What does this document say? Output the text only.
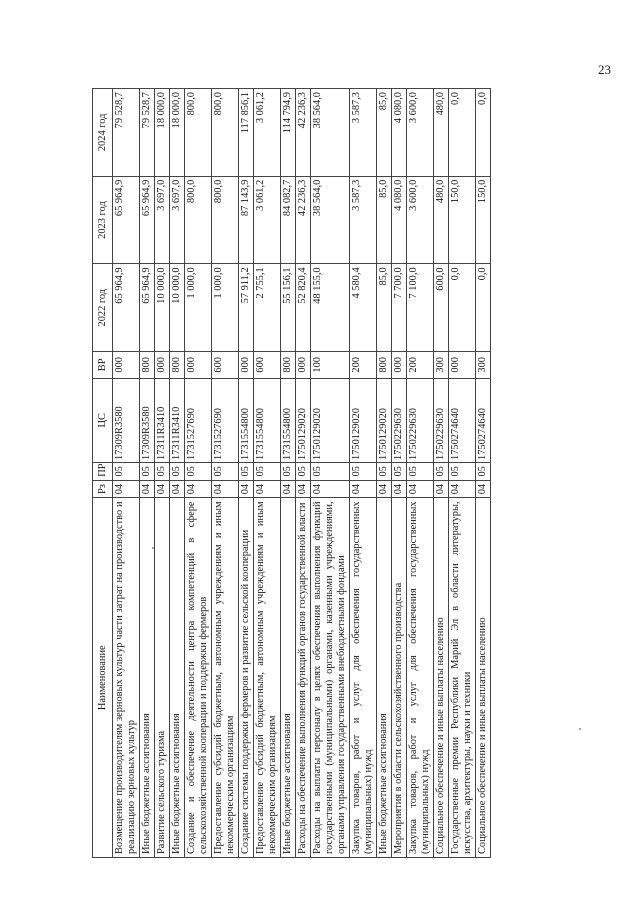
23
Наименование	Рз	ПР	ЦС	ВР	2022 год	2023 год	2024 год
Возмещение производителям зерновых культур части затрат на производство и реализацию зерновых культур	04	05	17309R3580	000	65 964,9	65 964,9	79 528,7
Иные бюджетные ассигнования	04	05	17309R3580	800	65 964,9	65 964,9	79 528,7
Развитие сельского туризма	04	05	17311R3410	000	10 000,0	3 697,0	18 000,0
Иные бюджетные ассигнования	04	05	17311R3410	800	10 000,0	3 697,0	18 000,0
Создание и обеспечение деятельности центра компетенций в сфере сельскохозяйственной кооперации и поддержки фермеров	04	05	1731527690	000	1 000,0	800,0	800,0
Предоставление субсидий бюджетным, автономным учреждениям и иным некоммерческим организациям	04	05	1731527690	600	1 000,0	800,0	800,0
Создание системы поддержки фермеров и развитие сельской кооперации	04	05	1731554800	000	57 911,2	87 143,9	117 856,1
Предоставление субсидий бюджетным, автономным учреждениям и иным некоммерческим организациям	04	05	1731554800	600	2 755,1	3 061,2	3 061,2
Иные бюджетные ассигнования	04	05	1731554800	800	55 156,1	84 082,7	114 794,9
Расходы на обеспечение выполнения функций органов государственной власти	04	05	1750129020	000	52 820,4	42 236,3	42 236,3
Расходы на выплаты персоналу в целях обеспечения выполнения функций государственными (муниципальными) органами, казенными учреждениями, органами управления государственными внебюджетными фондами	04	05	1750129020	100	48 155,0	38 564,0	38 564,0
Закупка товаров, работ и услуг для обеспечения государственных (муниципальных) нужд	04	05	1750129020	200	4 580,4	3 587,3	3 587,3
Иные бюджетные ассигнования	04	05	1750129020	800	85,0	85,0	85,0
Мероприятия в области сельскохозяйственного производства	04	05	1750229630	000	7 700,0	4 080,0	4 080,0
Закупка товаров, работ и услуг для обеспечения государственных (муниципальных) нужд	04	05	1750229630	200	7 100,0	3 600,0	3 600,0
Социальное обеспечение и иные выплаты населению	04	05	1750229630	300	600,0	480,0	480,0
Государственные премии Республики Марий Эл в области литературы, искусства, архитектуры, науки и техники	04	05	1750274640	000	0,0	150,0	0,0
Социальное обеспечение и иные выплаты населению	04	05	1750274640	300	0,0	150,0	0,0
